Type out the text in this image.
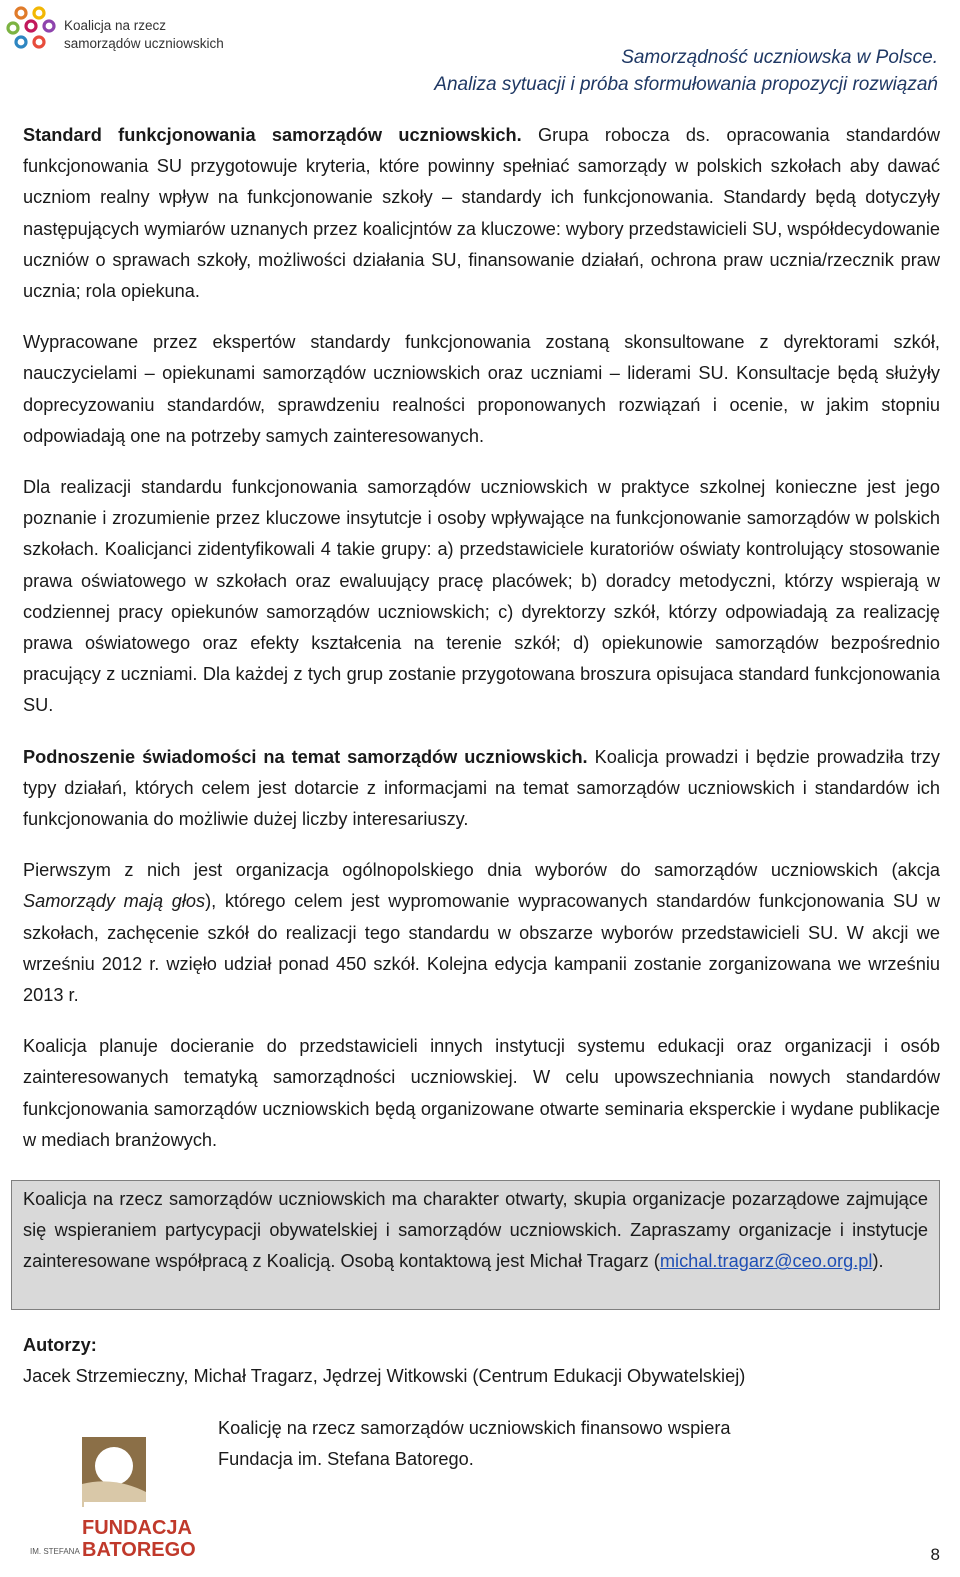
Koalicja na rzecz
samorządów uczniowskich
Samorządność uczniowska w Polsce.
Analiza sytuacji i próba sformułowania propozycji rozwiązań

Standard funkcjonowania samorządów uczniowskich. Grupa robocza ds. opracowania standardów funkcjonowania SU przygotowuje kryteria, które powinny spełniać samorządy w polskich szkołach aby dawać uczniom realny wpływ na funkcjonowanie szkoły – standardy ich funkcjonowania. Standardy będą dotyczyły następujących wymiarów uznanych przez koalicjntów za kluczowe: wybory przedstawicieli SU, współdecydowanie uczniów o sprawach szkoły, możliwości działania SU, finansowanie działań, ochrona praw ucznia/rzecznik praw ucznia; rola opiekuna.

Wypracowane przez ekspertów standardy funkcjonowania zostaną skonsultowane z dyrektorami szkół, nauczycielami – opiekunami samorządów uczniowskich oraz uczniami – liderami SU. Konsultacje będą służyły doprecyzowaniu standardów, sprawdzeniu realności proponowanych rozwiązań i ocenie, w jakim stopniu odpowiadają one na potrzeby samych zainteresowanych.

Dla realizacji standardu funkcjonowania samorządów uczniowskich w praktyce szkolnej konieczne jest jego poznanie i zrozumienie przez kluczowe insytutcje i osoby wpływające na funkcjonowanie samorządów w polskich szkołach. Koalicjanci zidentyfikowali 4 takie grupy: a) przedstawiciele kuratoriów oświaty kontrolujący stosowanie prawa oświatowego w szkołach oraz ewaluujący pracę placówek; b) doradcy metodyczni, którzy wspierają w codziennej pracy opiekunów samorządów uczniowskich; c) dyrektorzy szkół, którzy odpowiadają za realizację prawa oświatowego oraz efekty kształcenia na terenie szkół; d) opiekunowie samorządów bezpośrednio pracujący z uczniami. Dla każdej z tych grup zostanie przygotowana broszura opisujaca standard funkcjonowania SU.

Podnoszenie świadomości na temat samorządów uczniowskich. Koalicja prowadzi i będzie prowadziła trzy typy działań, których celem jest dotarcie z informacjami na temat samorządów uczniowskich i standardów ich funkcjonowania do możliwie dużej liczby interesariuszy.

Pierwszym z nich jest organizacja ogólnopolskiego dnia wyborów do samorządów uczniowskich (akcja Samorządy mają głos), którego celem jest wypromowanie wypracowanych standardów funkcjonowania SU w szkołach, zachęcenie szkół do realizacji tego standardu w obszarze wyborów przedstawicieli SU. W akcji we wrześniu 2012 r. wzięło udział ponad 450 szkół. Kolejna edycja kampanii zostanie zorganizowana we wrześniu 2013 r.

Koalicja planuje docieranie do przedstawicieli innych instytucji systemu edukacji oraz organizacji i osób zainteresowanych tematyką samorządności uczniowskiej. W celu upowszechniania nowych standardów funkcjonowania samorządów uczniowskich będą organizowane otwarte seminaria eksperckie i wydane publikacje w mediach branżowych.

Koalicja na rzecz samorządów uczniowskich ma charakter otwarty, skupia organizacje pozarządowe zajmujące się wspieraniem partycypacji obywatelskiej i samorządów uczniowskich. Zapraszamy organizacje i instytucje zainteresowane współpracą z Koalicją. Osobą kontaktową jest Michał Tragarz (michal.tragarz@ceo.org.pl).

Autorzy:
Jacek Strzemieczny, Michał Tragarz, Jędrzej Witkowski (Centrum Edukacji Obywatelskiej)
Koalicję na rzecz samorządów uczniowskich finansowo wspiera
Fundacja im. Stefana Batorego.
FUNDACJA
IM. STEFANA BATOREGO	8
